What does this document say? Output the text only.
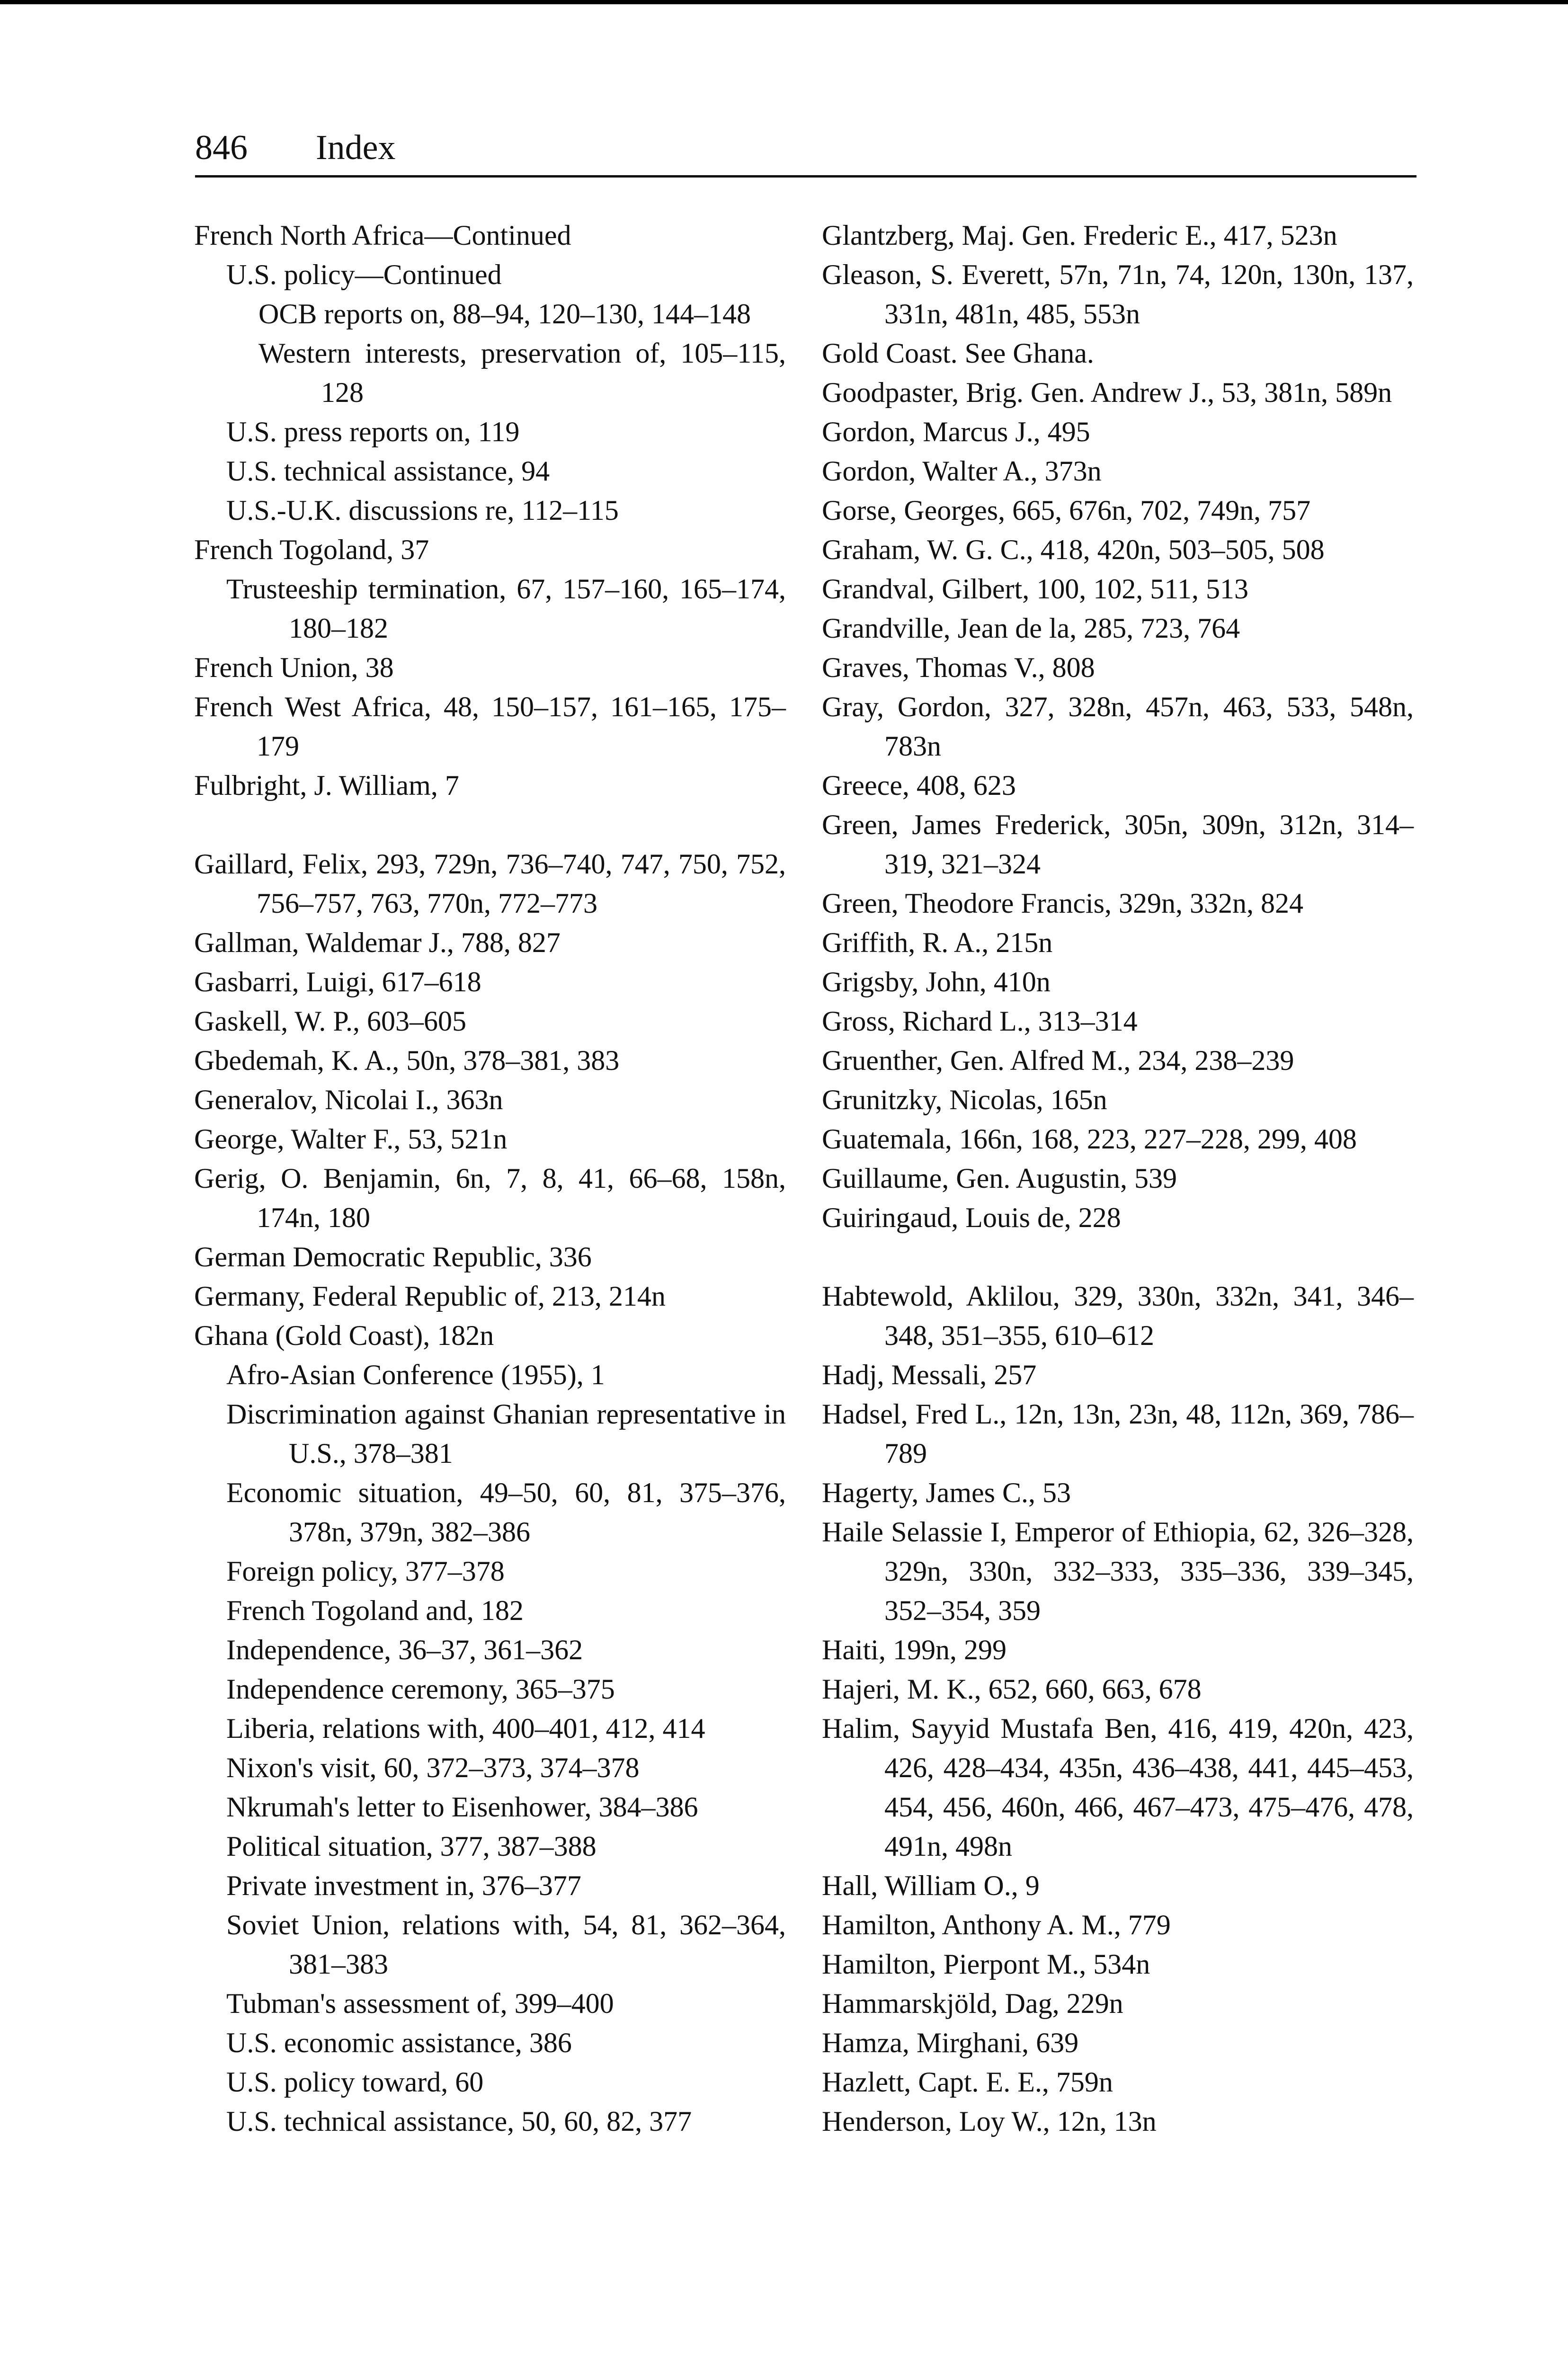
846 Index
French North Africa—Continued
U.S. policy—Continued
OCB reports on, 88–94, 120–130, 144–148
Western interests, preservation of, 105–115, 128
U.S. press reports on, 119
U.S. technical assistance, 94
U.S.-U.K. discussions re, 112–115
French Togoland, 37
Trusteeship termination, 67, 157–160, 165–174, 180–182
French Union, 38
French West Africa, 48, 150–157, 161–165, 175–179
Fulbright, J. William, 7
Gaillard, Felix, 293, 729n, 736–740, 747, 750, 752, 756–757, 763, 770n, 772–773
Gallman, Waldemar J., 788, 827
Gasbarri, Luigi, 617–618
Gaskell, W. P., 603–605
Gbedemah, K. A., 50n, 378–381, 383
Generalov, Nicolai I., 363n
George, Walter F., 53, 521n
Gerig, O. Benjamin, 6n, 7, 8, 41, 66–68, 158n, 174n, 180
German Democratic Republic, 336
Germany, Federal Republic of, 213, 214n
Ghana (Gold Coast), 182n
Afro-Asian Conference (1955), 1
Discrimination against Ghanian representative in U.S., 378–381
Economic situation, 49–50, 60, 81, 375–376, 378n, 379n, 382–386
Foreign policy, 377–378
French Togoland and, 182
Independence, 36–37, 361–362
Independence ceremony, 365–375
Liberia, relations with, 400–401, 412, 414
Nixon's visit, 60, 372–373, 374–378
Nkrumah's letter to Eisenhower, 384–386
Political situation, 377, 387–388
Private investment in, 376–377
Soviet Union, relations with, 54, 81, 362–364, 381–383
Tubman's assessment of, 399–400
U.S. economic assistance, 386
U.S. policy toward, 60
U.S. technical assistance, 50, 60, 82, 377
Glantzberg, Maj. Gen. Frederic E., 417, 523n
Gleason, S. Everett, 57n, 71n, 74, 120n, 130n, 137, 331n, 481n, 485, 553n
Gold Coast. See Ghana.
Goodpaster, Brig. Gen. Andrew J., 53, 381n, 589n
Gordon, Marcus J., 495
Gordon, Walter A., 373n
Gorse, Georges, 665, 676n, 702, 749n, 757
Graham, W. G. C., 418, 420n, 503–505, 508
Grandval, Gilbert, 100, 102, 511, 513
Grandville, Jean de la, 285, 723, 764
Graves, Thomas V., 808
Gray, Gordon, 327, 328n, 457n, 463, 533, 548n, 783n
Greece, 408, 623
Green, James Frederick, 305n, 309n, 312n, 314–319, 321–324
Green, Theodore Francis, 329n, 332n, 824
Griffith, R. A., 215n
Grigsby, John, 410n
Gross, Richard L., 313–314
Gruenther, Gen. Alfred M., 234, 238–239
Grunitzky, Nicolas, 165n
Guatemala, 166n, 168, 223, 227–228, 299, 408
Guillaume, Gen. Augustin, 539
Guiringaud, Louis de, 228
Habtewold, Aklilou, 329, 330n, 332n, 341, 346–348, 351–355, 610–612
Hadj, Messali, 257
Hadsel, Fred L., 12n, 13n, 23n, 48, 112n, 369, 786–789
Hagerty, James C., 53
Haile Selassie I, Emperor of Ethiopia, 62, 326–328, 329n, 330n, 332–333, 335–336, 339–345, 352–354, 359
Haiti, 199n, 299
Hajeri, M. K., 652, 660, 663, 678
Halim, Sayyid Mustafa Ben, 416, 419, 420n, 423, 426, 428–434, 435n, 436–438, 441, 445–453, 454, 456, 460n, 466, 467–473, 475–476, 478, 491n, 498n
Hall, William O., 9
Hamilton, Anthony A. M., 779
Hamilton, Pierpont M., 534n
Hammarskjöld, Dag, 229n
Hamza, Mirghani, 639
Hazlett, Capt. E. E., 759n
Henderson, Loy W., 12n, 13n
